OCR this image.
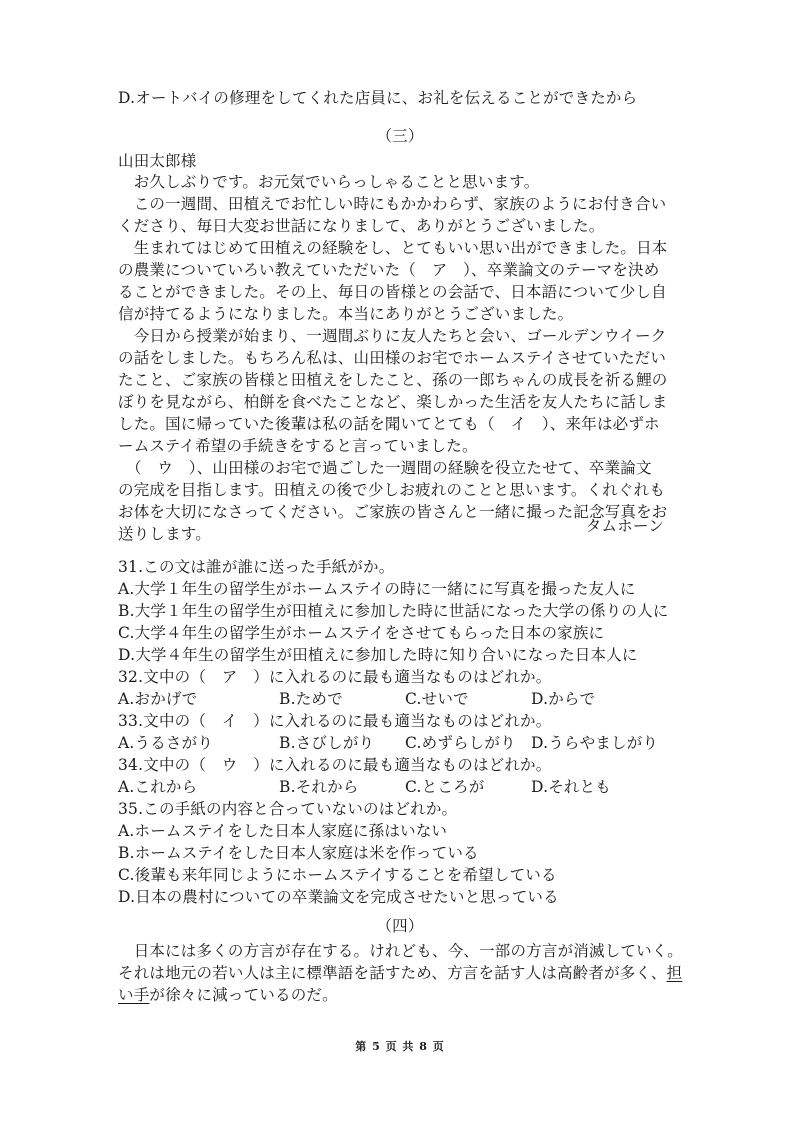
D.オートバイの修理をしてくれた店員に、お礼を伝えることができたから
（三）
山田太郎様
　お久しぶりです。お元気でいらっしゃることと思います。
　この一週間、田植えでお忙しい時にもかかわらず、家族のようにお付き合い
くださり、毎日大変お世話になりまして、ありがとうございました。
　生まれてはじめて田植えの経験をし、とてもいい思い出ができました。日本
の農業についていろい教えていただいた（　ア　）、卒業論文のテーマを決め
ることができました。その上、毎日の皆様との会話で、日本語について少し自
信が持てるようになりました。本当にありがとうございました。
　今日から授業が始まり、一週間ぶりに友人たちと会い、ゴールデンウイーク
の話をしました。もちろん私は、山田様のお宅でホームステイさせていただい
たこと、ご家族の皆様と田植えをしたこと、孫の一郎ちゃんの成長を祈る鯉の
ぼりを見ながら、柏餅を食べたことなど、楽しかった生活を友人たちに話しま
した。国に帰っていた後輩は私の話を聞いてとても（　イ　）、来年は必ずホ
ームステイ希望の手続きをすると言っていました。
　（　ウ　）、山田様のお宅で過ごした一週間の経験を役立たせて、卒業論文
の完成を目指します。田植えの後で少しお疲れのことと思います。くれぐれも
お体を大切になさってください。ご家族の皆さんと一緒に撮った記念写真をお
送りします。	タムホーン
31.この文は誰が誰に送った手紙がか。
A.大学１年生の留学生がホームステイの時に一緒にに写真を撮った友人に
B.大学１年生の留学生が田植えに参加した時に世話になった大学の係りの人に
C.大学４年生の留学生がホームステイをさせてもらった日本の家族に
D.大学４年生の留学生が田植えに参加した時に知り合いになった日本人に
32.文中の（　ア　）に入れるのに最も適当なものはどれか。
A.おかげで	B.ためで	C.せいで	D.からで
33.文中の（　イ　）に入れるのに最も適当なものはどれか。
A.うるさがり	B.さびしがり C.めずらしがり D.うらやましがり
34.文中の（　ウ　）に入れるのに最も適当なものはどれか。
A.これから	B.それから	C.ところが	D.それとも
35.この手紙の内容と合っていないのはどれか。
A.ホームステイをした日本人家庭に孫はいない
B.ホームステイをした日本人家庭は米を作っている
C.後輩も来年同じようにホームステイすることを希望している
D.日本の農村についての卒業論文を完成させたいと思っている
（四）
　日本には多くの方言が存在する。けれども、今、一部の方言が消滅していく。
それは地元の若い人は主に標準語を話すため、方言を話す人は高齢者が多く、担
い手が徐々に減っているのだ。
第 5 页 共 8 页
